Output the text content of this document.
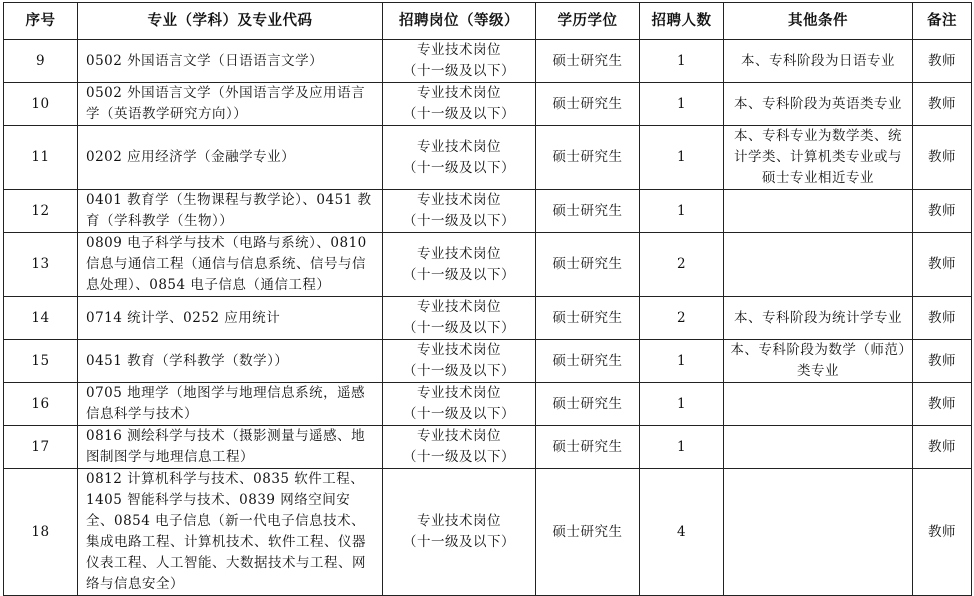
序号	专业（学科）及专业代码	招聘岗位（等级）	学历学位	招聘人数	其他条件	备注
9	0502 外国语言文学（日语语言文学）	专业技术岗位
（十一级及以下）	硕士研究生	1	本、专科阶段为日语专业	教师
10	0502 外国语言文学（外国语言学及应用语言学（英语教学研究方向））	专业技术岗位
（十一级及以下）	硕士研究生	1	本、专科阶段为英语类专业	教师
11	0202 应用经济学（金融学专业）	专业技术岗位
（十一级及以下）	硕士研究生	1	本、专科专业为数学类、统计学类、计算机类专业或与硕士专业相近专业	教师
12	0401 教育学（生物课程与教学论）、0451 教育（学科教学（生物））	专业技术岗位
（十一级及以下）	硕士研究生	1		教师
13	0809 电子科学与技术（电路与系统）、0810 信息与通信工程（通信与信息系统、信号与信息处理）、0854 电子信息（通信工程）	专业技术岗位
（十一级及以下）	硕士研究生	2		教师
14	0714 统计学、0252 应用统计	专业技术岗位
（十一级及以下）	硕士研究生	2	本、专科阶段为统计学专业	教师
15	0451 教育（学科教学（数学））	专业技术岗位
（十一级及以下）	硕士研究生	1	本、专科阶段为数学（师范）类专业	教师
16	0705 地理学（地图学与地理信息系统，遥感信息科学与技术）	专业技术岗位
（十一级及以下）	硕士研究生	1		教师
17	0816 测绘科学与技术（摄影测量与遥感、地图制图学与地理信息工程）	专业技术岗位
（十一级及以下）	硕士研究生	1		教师
18	0812 计算机科学与技术、0835 软件工程、1405 智能科学与技术、0839 网络空间安全、0854 电子信息（新一代电子信息技术、集成电路工程、计算机技术、软件工程、仪器仪表工程、人工智能、大数据技术与工程、网络与信息安全）	专业技术岗位
（十一级及以下）	硕士研究生	4		教师
